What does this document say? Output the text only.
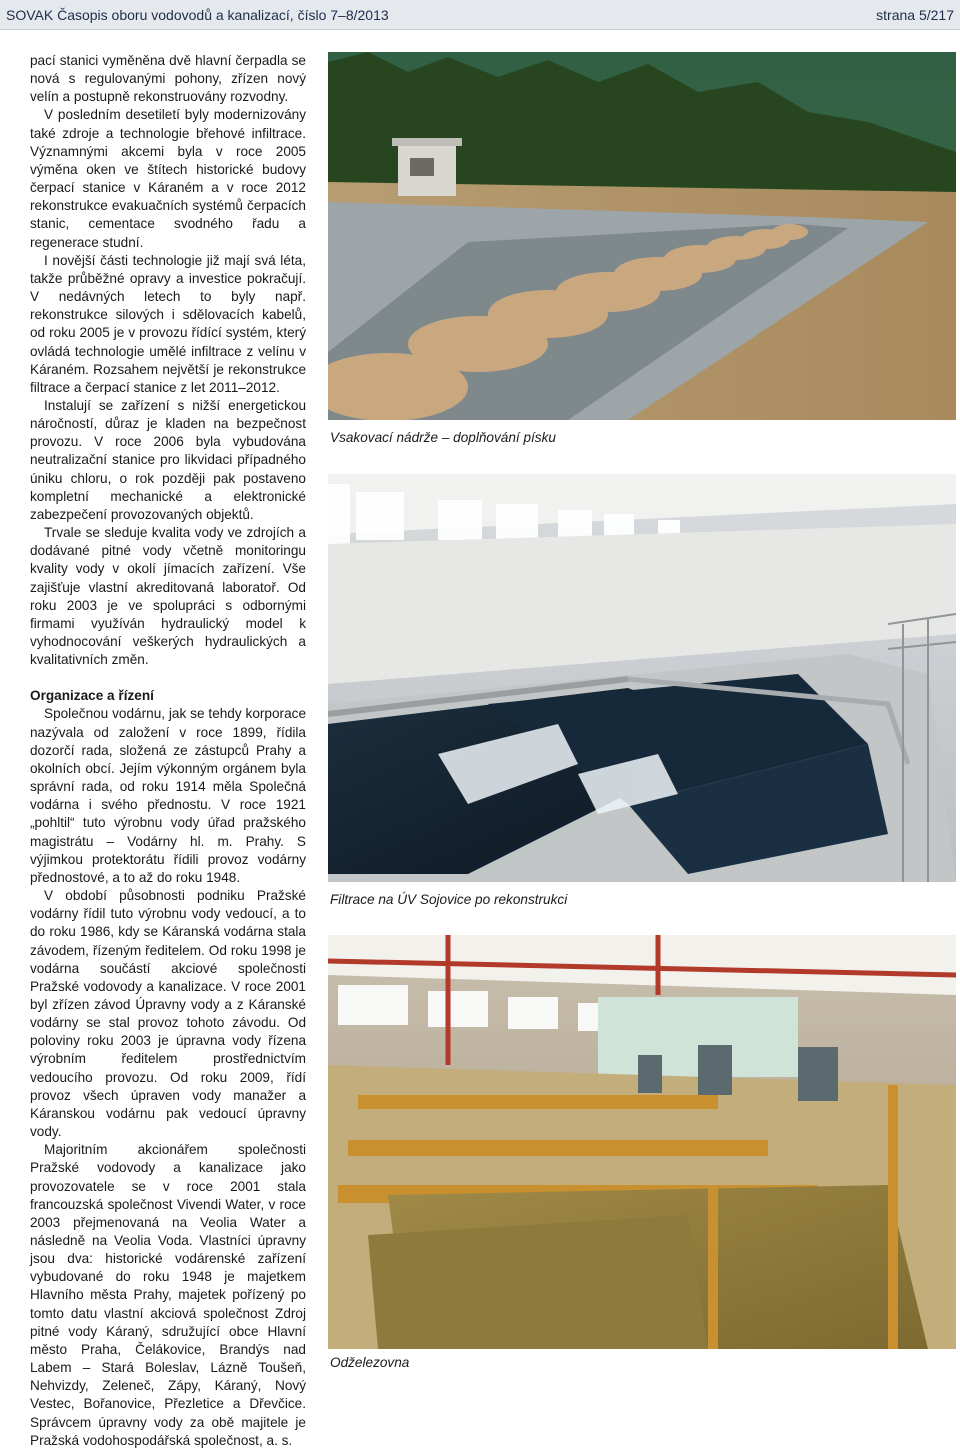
SOVAK Časopis oboru vodovodů a kanalizací, číslo 7–8/2013	strana 5/217

pací stanici vyměněna dvě hlavní čerpadla se nová s regulovanými pohony, zřízen nový velín a postupně rekonstruovány rozvodny.

V posledním desetiletí byly modernizovány také zdroje a technologie břehové infiltrace. Významnými akcemi byla v roce 2005 výměna oken ve štítech historické budovy čerpací stanice v Káraném a v roce 2012 rekonstrukce evakuačních systémů čerpacích stanic, cementace svodného řadu a regenerace studní.

I novější části technologie již mají svá léta, takže průběžné opravy a investice pokračují. V nedávných letech to byly např. rekonstrukce silových i sdělovacích kabelů, od roku 2005 je v provozu řídící systém, který ovládá technologie umělé infiltrace z velínu v Káraném. Rozsahem největší je rekonstrukce filtrace a čerpací stanice z let 2011–2012.

Instalují se zařízení s nižší energetickou náročností, důraz je kladen na bezpečnost provozu. V roce 2006 byla vybudována neutralizační stanice pro likvidaci případného úniku chloru, o rok později pak postaveno kompletní mechanické a elektronické zabezpečení provozovaných objektů.

Trvale se sleduje kvalita vody ve zdrojích a dodávané pitné vody včetně monitoringu kvality vody v okolí jímacích zařízení. Vše zajišťuje vlastní akreditovaná laboratoř. Od roku 2003 je ve spolupráci s odbornými firmami využíván hydraulický model k vyhodnocování veškerých hydraulických a kvalitativních změn.

Organizace a řízení

Společnou vodárnu, jak se tehdy korporace nazývala od založení v roce 1899, řídila dozorčí rada, složená ze zástupců Prahy a okolních obcí. Jejím výkonným orgánem byla správní rada, od roku 1914 měla Společná vodárna i svého přednostu. V roce 1921 „pohltil“ tuto výrobnu vody úřad pražského magistrátu – Vodárny hl. m. Prahy. S výjimkou protektorátu řídili provoz vodárny přednostové, a to až do roku 1948.

V období působnosti podniku Pražské vodárny řídil tuto výrobnu vody vedoucí, a to do roku 1986, kdy se Káranská vodárna stala závodem, řízeným ředitelem. Od roku 1998 je vodárna součástí akciové společnosti Pražské vodovody a kanalizace. V roce 2001 byl zřízen závod Úpravny vody a z Káranské vodárny se stal provoz tohoto závodu. Od poloviny roku 2003 je úpravna vody řízena výrobním ředitelem prostřednictvím vedoucího provozu. Od roku 2009, řídí provoz všech úpraven vody manažer a Káranskou vodárnu pak vedoucí úpravny vody.

Majoritním akcionářem společnosti Pražské vodovody a kanalizace jako provozovatele se v roce 2001 stala francouzská společnost Vivendi Water, v roce 2003 přejmenovaná na Veolia Water a následně na Veolia Voda. Vlastníci úpravny jsou dva: historické vodárenské zařízení vybudované do roku 1948 je majetkem Hlavního města Prahy, majetek pořízený po tomto datu vlastní akciová společnost Zdroj pitné vody Káraný, sdružující obce Hlavní město Praha, Čelákovice, Brandýs nad Labem – Stará Boleslav, Lázně Toušeň, Nehvizdy, Zeleneč, Zápy, Káraný, Nový Vestec, Bořanovice, Přezletice a Dřevčice. Správcem úpravny vody za obě majitele je Pražská vodohospodářská společnost, a. s.

Vsakovací nádrže – doplňování písku
Filtrace na ÚV Sojovice po rekonstrukci
Odželezovna
